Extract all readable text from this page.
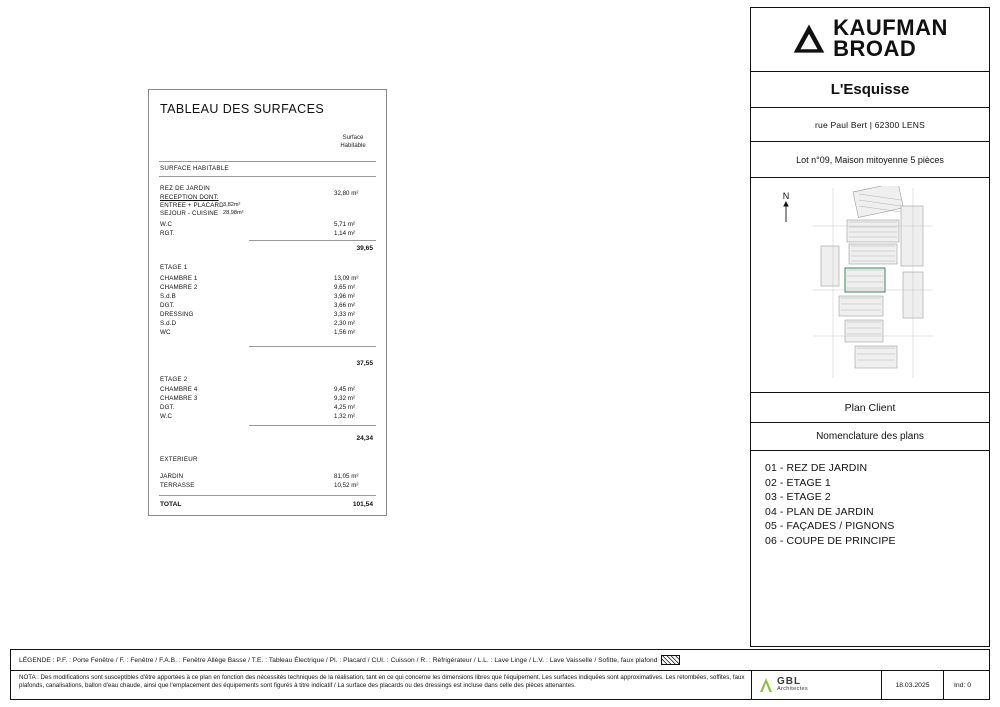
TABLEAU DES SURFACES
Surface
Habitable
SURFACE HABITABLE
REZ DE JARDIN
RECEPTION DONT:
32,80 m²
ENTREE + PLACARD 3,82m²
SEJOUR - CUISINE 28,98m²
W.C	5,71 m²
RGT.	1,14 m²
39,65
ETAGE 1
CHAMBRE 1	13,09 m²
CHAMBRE 2	9,65 m²
S.d.B	3,96 m²
DGT.	3,66 m²
DRESSING	3,33 m²
S.d.D	2,30 m²
WC	1,56 m²
37,55
ETAGE 2
CHAMBRE 4	9,45 m²
CHAMBRE 3	9,32 m²
DGT.	4,25 m²
W.C	1,32 m²
24,34
EXTERIEUR
JARDIN	81,05 m²
TERRASSE	10,52 m²
TOTAL	101,54
KAUFMAN
BROAD
L'Esquisse
rue Paul Bert | 62300 LENS
Lot n°09, Maison mitoyenne 5 pièces
N
Plan Client
Nomenclature des plans
01 - REZ DE JARDIN
02 - ETAGE 1
03 - ETAGE 2
04 - PLAN DE JARDIN
05 - FAÇADES / PIGNONS
06 - COUPE DE PRINCIPE
LÉGENDE : P.F. : Porte Fenêtre / F. : Fenêtre / F.A.B. : Fenêtre Allège Basse / T.E. : Tableau Électrique / Pl. : Placard / CUI. : Cuisson / R. : Réfrigérateur / L.L. : Lave Linge / L.V. : Lave Vaisselle / Sofitte, faux plafond
NOTA : Des modifications sont susceptibles d'être apportées à ce plan en fonction des nécessités techniques de la réalisation, tant en ce qui concerne les dimensions libres que l'équipement. Les surfaces indiquées sont approximatives. Les retombées, soffites, faux plafonds, canalisations, ballon d'eau chaude, ainsi que l'emplacement des équipements sont figurés à titre indicatif / La surface des placards ou des dressings est incluse dans celle des pièces attenantes.	GBL
Architectes
18.03.2025	Ind: 0
